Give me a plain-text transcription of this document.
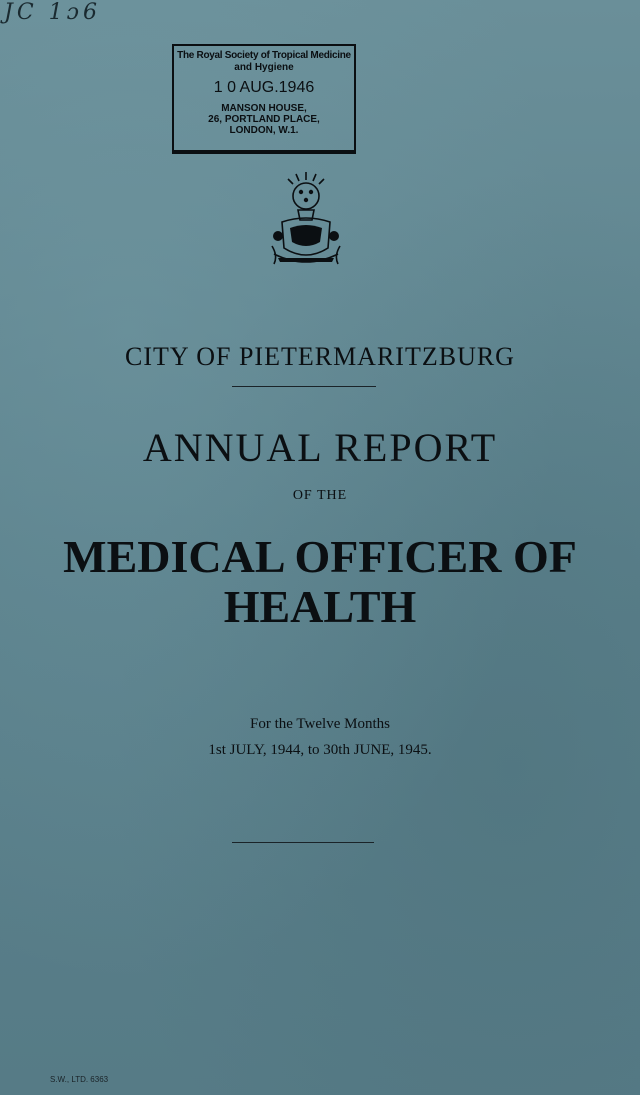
JC 1ɔ6
The Royal Society of Tropical Medicine
and Hygiene
1 0 AUG.1946
MANSON HOUSE,
26, PORTLAND PLACE,
LONDON, W.1.
CITY OF PIETERMARITZBURG
ANNUAL REPORT
OF THE
MEDICAL OFFICER OF
HEALTH
For the Twelve Months
1st JULY, 1944, to 30th JUNE, 1945.
S.W., LTD. 6363
